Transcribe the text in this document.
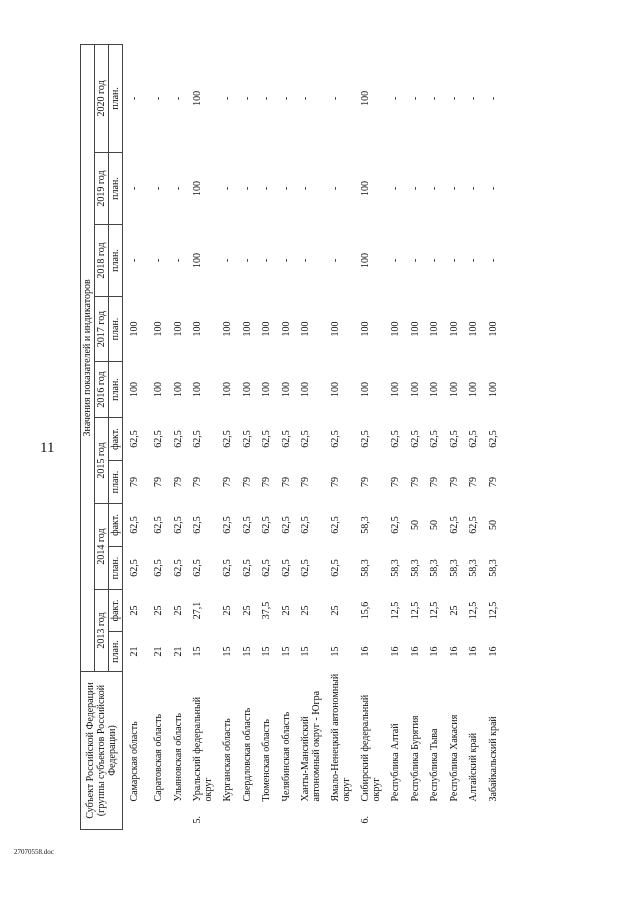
11
Субъект Российской Федерации (группы субъектов Российской Федерации)		Значения показателей и индикаторов										
		2013 год		2014 год		2015 год		2016 год	2017 год	2018 год	2019 год	2020 год
		план.	факт.	план.	факт.	план.	факт.	план.	план.	план.	план.	план.
	Самарская область	21	25	62,5	62,5	79	62,5	100	100	-	-	-
	Саратовская область	21	25	62,5	62,5	79	62,5	100	100	-	-	-
	Ульяновская область	21	25	62,5	62,5	79	62,5	100	100	-	-	-
5.	Уральский федеральный округ	15	27,1	62,5	62,5	79	62,5	100	100	100	100	100
	Курганская область	15	25	62,5	62,5	79	62,5	100	100	-	-	-
	Свердловская область	15	25	62,5	62,5	79	62,5	100	100	-	-	-
	Тюменская область	15	37,5	62,5	62,5	79	62,5	100	100	-	-	-
	Челябинская область	15	25	62,5	62,5	79	62,5	100	100	-	-	-
	Ханты-Мансийский автономный округ - Югра	15	25	62,5	62,5	79	62,5	100	100	-	-	-
	Ямало-Ненецкий автономный округ	15	25	62,5	62,5	79	62,5	100	100	-	-	-
6.	Сибирский федеральный округ	16	15,6	58,3	58,3	79	62,5	100	100	100	100	100
	Республика Алтай	16	12,5	58,3	62,5	79	62,5	100	100	-	-	-
	Республика Бурятия	16	12,5	58,3	50	79	62,5	100	100	-	-	-
	Республика Тыва	16	12,5	58,3	50	79	62,5	100	100	-	-	-
	Республика Хакасия	16	25	58,3	62,5	79	62,5	100	100	-	-	-
	Алтайский край	16	12,5	58,3	62,5	79	62,5	100	100	-	-	-
	Забайкальский край	16	12,5	58,3	50	79	62,5	100	100	-	-	-
27070558.doc
